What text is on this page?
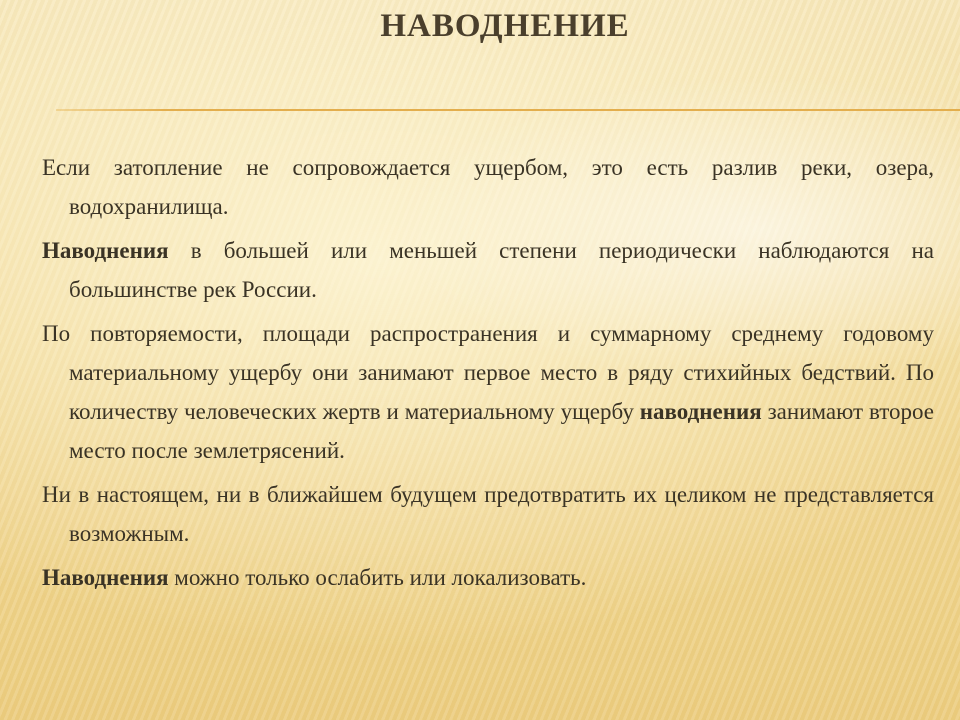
НАВОДНЕНИЕ

Если затопление не сопровождается ущербом, это есть разлив реки, озера, водохранилища.

Наводнения в большей или меньшей степени периодически наблюдаются на большинстве рек России.

По повторяемости, площади распространения и суммарному среднему годовому материальному ущербу они занимают первое место в ряду стихийных бедствий. По количеству человеческих жертв и материальному ущербу наводнения занимают второе место после землетрясений.

Ни в настоящем, ни в ближайшем будущем предотвратить их целиком не представляется возможным.

Наводнения можно только ослабить или локализовать.
